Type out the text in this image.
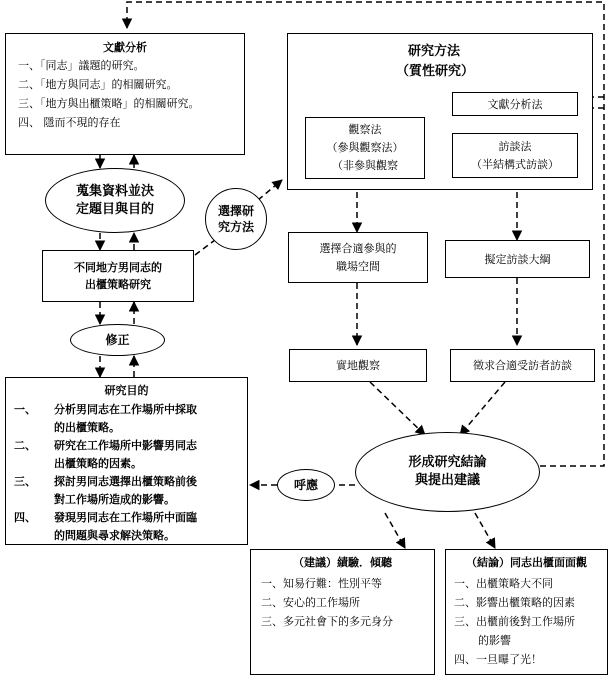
文獻分析
一、「同志」議題的研究。
二、「地方與同志」的相關研究。
三、「地方與出櫃策略」的相關研究。
四、 隱而不現的存在
蒐集資料並決
定題目與目的
不同地方男同志的
出櫃策略研究
修正
選擇研
究方法
研究方法
（質性研究）
文獻分析法
觀察法
（參與觀察法）
（非參與觀察
訪談法
（半結構式訪談）
選擇合適參與的
職場空間
擬定訪談大綱
實地觀察	徵求合適受訪者訪談
研究目的
一、 分析男同志在工作場所中採取
的出櫃策略。
二、 研究在工作場所中影響男同志
出櫃策略的因素。
三、 探討男同志選擇出櫃策略前後
對工作場所造成的影響。
四、 發現男同志在工作場所中面臨
的問題與尋求解決策略。
呼應
形成研究結論
與提出建議
（建議）績驗．傾聽
一、知易行難：性別平等
二、安心的工作場所
三、多元社會下的多元身分
（結論）同志出櫃面面觀
一、出櫃策略大不同
二、影響出櫃策略的因素
三、出櫃前後對工作場所
的影響
四、一旦曝了光！
